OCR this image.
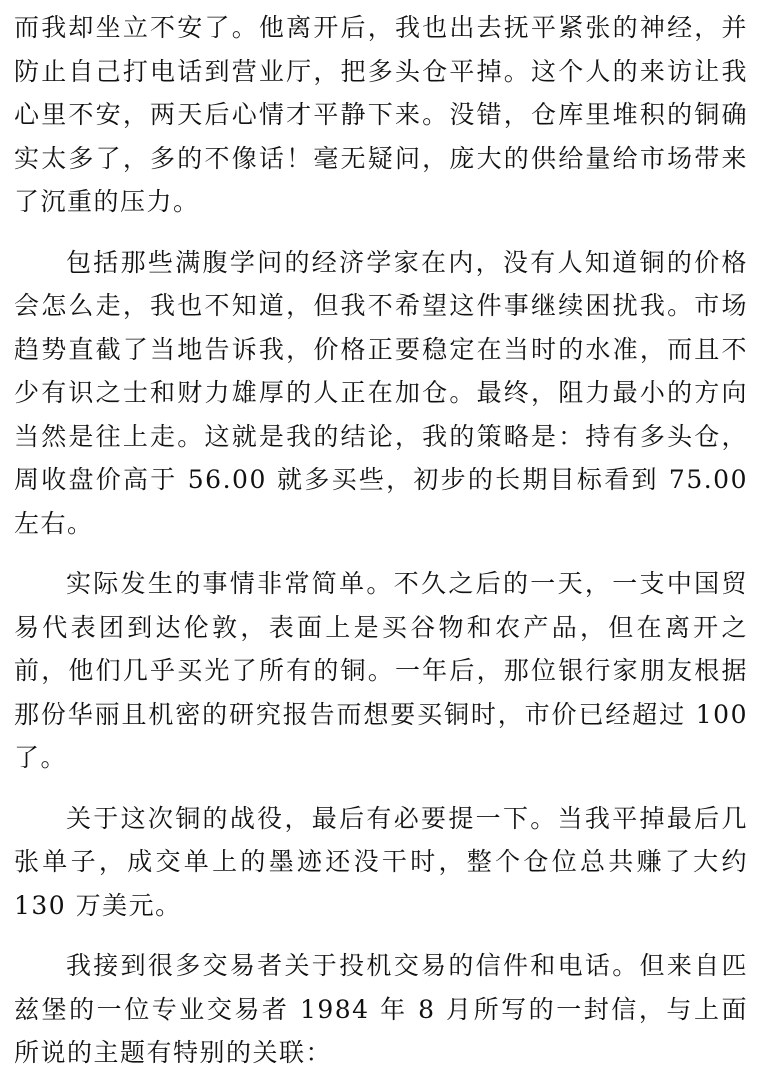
而我却坐立不安了。他离开后，我也出去抚平紧张的神经，并防止自己打电话到营业厅，把多头仓平掉。这个人的来访让我心里不安，两天后心情才平静下来。没错，仓库里堆积的铜确实太多了，多的不像话！毫无疑问，庞大的供给量给市场带来了沉重的压力。

包括那些满腹学问的经济学家在内，没有人知道铜的价格会怎么走，我也不知道，但我不希望这件事继续困扰我。市场趋势直截了当地告诉我，价格正要稳定在当时的水准，而且不少有识之士和财力雄厚的人正在加仓。最终，阻力最小的方向当然是往上走。这就是我的结论，我的策略是：持有多头仓，周收盘价高于 56.00 就多买些，初步的长期目标看到 75.00 左右。

实际发生的事情非常简单。不久之后的一天，一支中国贸易代表团到达伦敦，表面上是买谷物和农产品，但在离开之前，他们几乎买光了所有的铜。一年后，那位银行家朋友根据那份华丽且机密的研究报告而想要买铜时，市价已经超过 100 了。

关于这次铜的战役，最后有必要提一下。当我平掉最后几张单子，成交单上的墨迹还没干时，整个仓位总共赚了大约 130 万美元。

我接到很多交易者关于投机交易的信件和电话。但来自匹兹堡的一位专业交易者 1984 年 8 月所写的一封信，与上面所说的主题有特别的关联：
